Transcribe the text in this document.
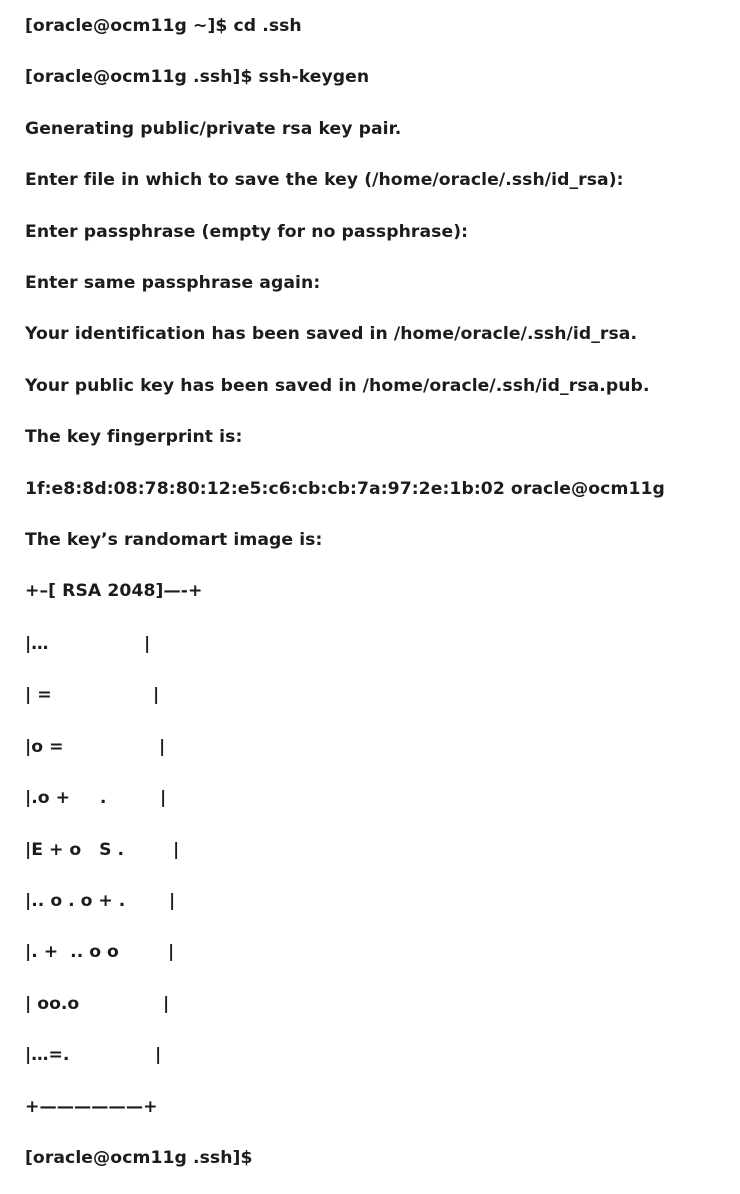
[oracle@ocm11g ~]$ cd .ssh

[oracle@ocm11g .ssh]$ ssh-keygen

Generating public/private rsa key pair.

Enter file in which to save the key (/home/oracle/.ssh/id_rsa):

Enter passphrase (empty for no passphrase):

Enter same passphrase again:

Your identification has been saved in /home/oracle/.ssh/id_rsa.

Your public key has been saved in /home/oracle/.ssh/id_rsa.pub.

The key fingerprint is:

1f:e8:8d:08:78:80:12:e5:c6:cb:cb:7a:97:2e:1b:02 oracle@ocm11g

The key’s randomart image is:

+–[ RSA 2048]—-+

|…	|

| =	|

|o =	|

|.o +     .	|

|E + o   S .	|

|.. o . o + .	|

|. +  .. o o	|

| oo.o	|

|…=.	|

+——————+

[oracle@ocm11g .ssh]$
